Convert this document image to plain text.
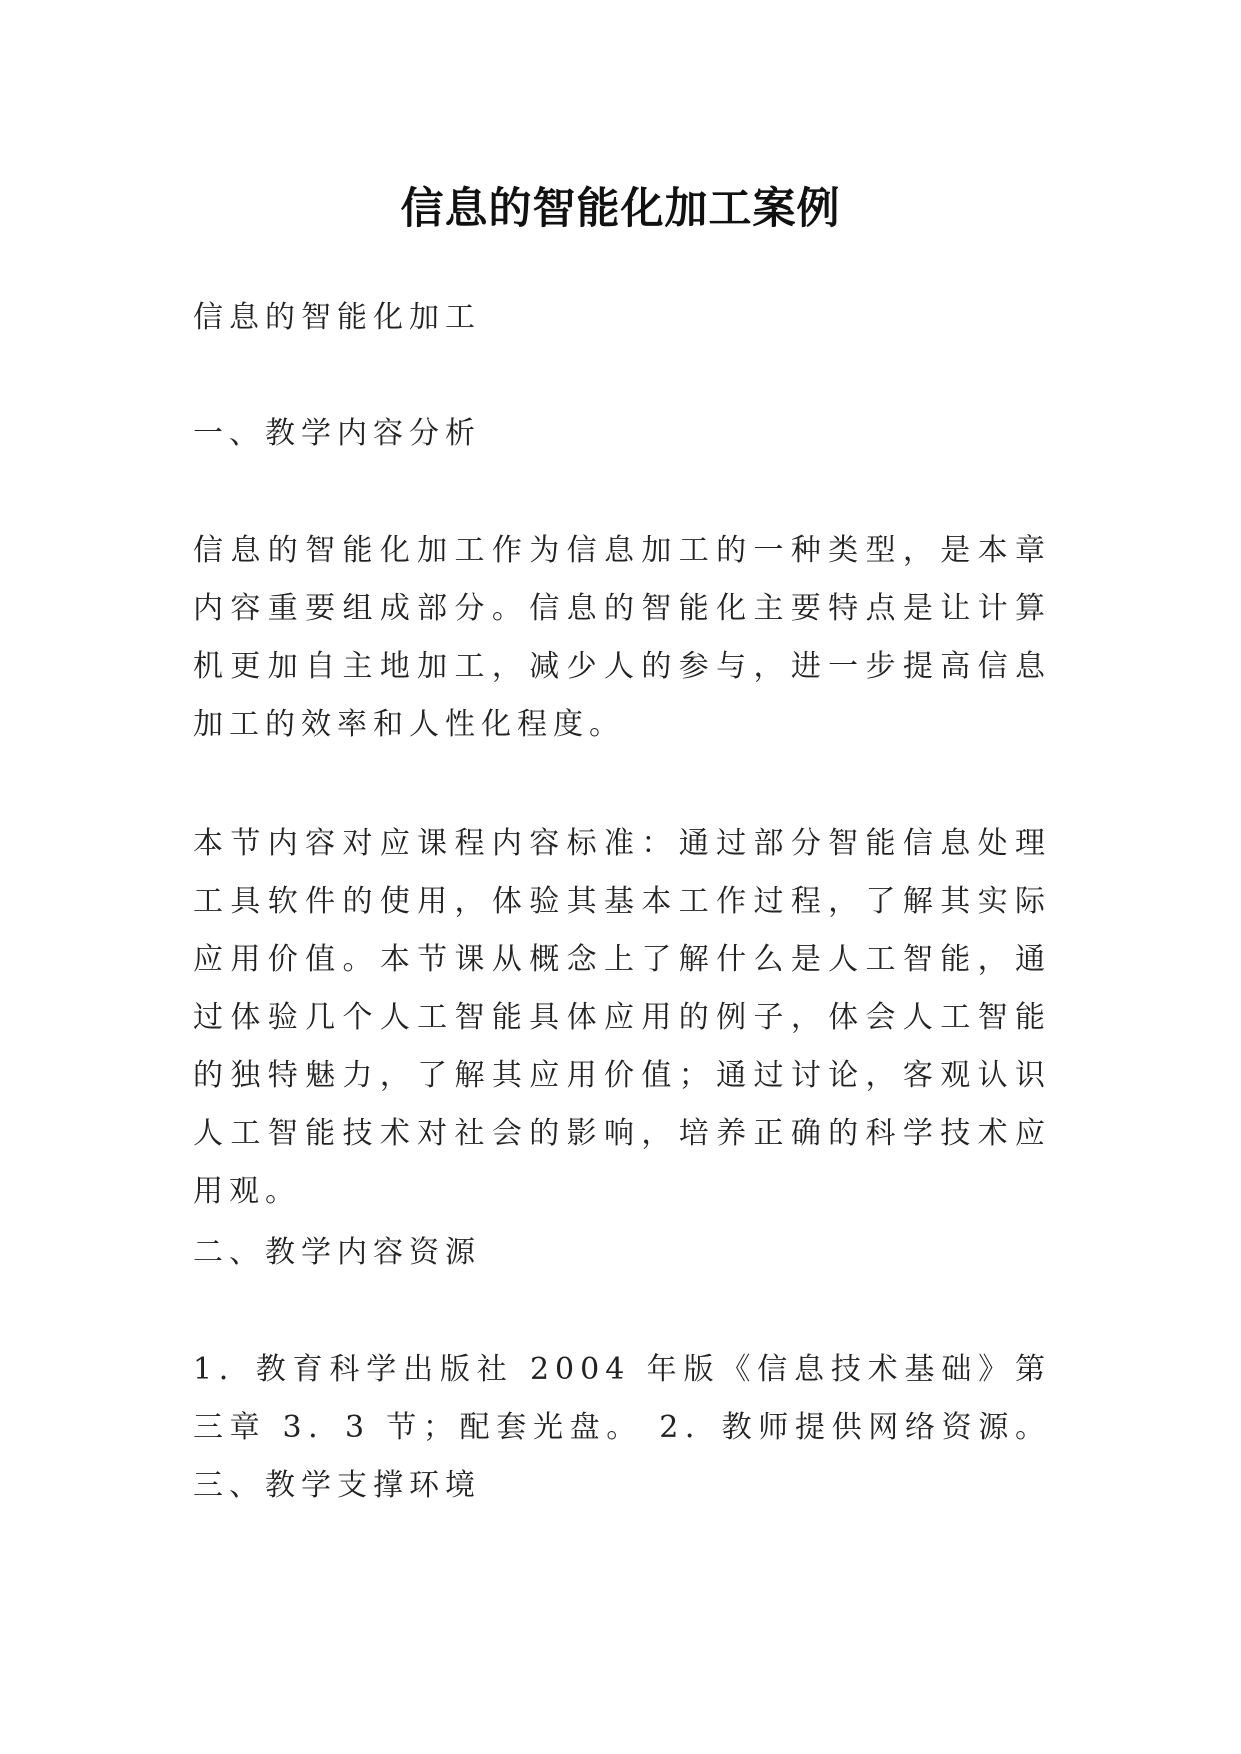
信息的智能化加工案例

信息的智能化加工

一、教学内容分析

信息的智能化加工作为信息加工的一种类型，是本章内容重要组成部分。信息的智能化主要特点是让计算机更加自主地加工，减少人的参与，进一步提高信息加工的效率和人性化程度。

本节内容对应课程内容标准：通过部分智能信息处理工具软件的使用，体验其基本工作过程，了解其实际应用价值。本节课从概念上了解什么是人工智能，通过体验几个人工智能具体应用的例子，体会人工智能的独特魅力，了解其应用价值；通过讨论，客观认识人工智能技术对社会的影响，培养正确的科学技术应用观。

二、教学内容资源

1．教育科学出版社 2004 年版《信息技术基础》第三章 3．3 节；配套光盘。 2．教师提供网络资源。 三、教学支撑环境
